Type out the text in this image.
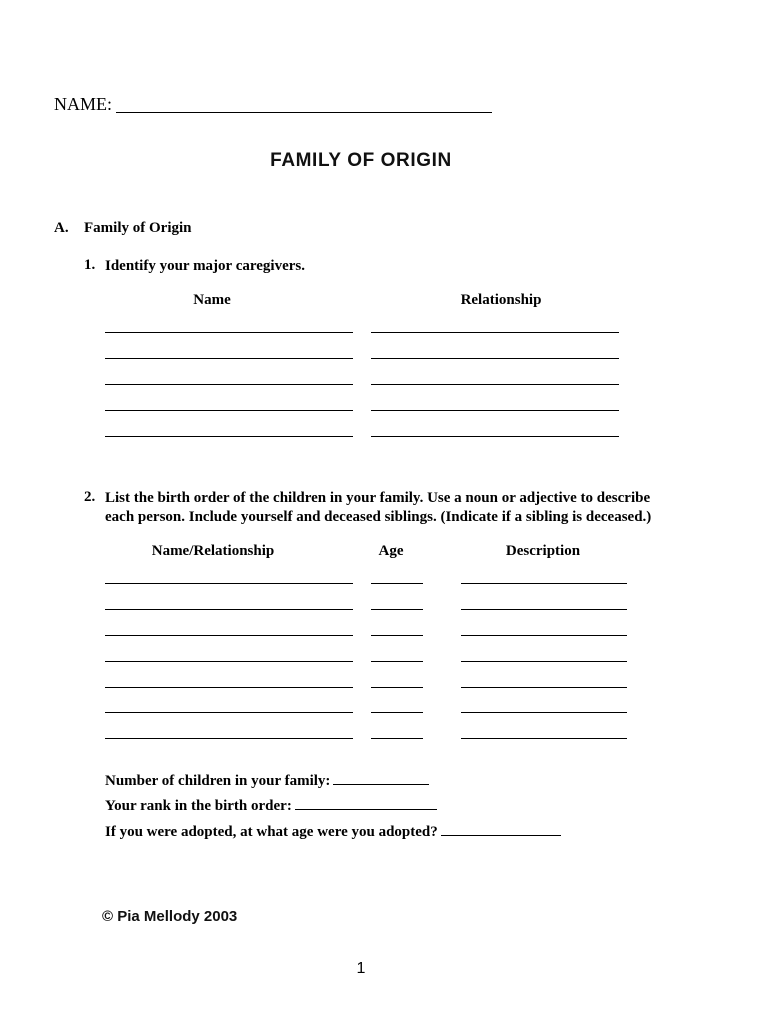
NAME:
FAMILY OF ORIGIN
A. Family of Origin
1. Identify your major caregivers.
Name	Relationship
2. List the birth order of the children in your family. Use a noun or adjective to describe
each person. Include yourself and deceased siblings. (Indicate if a sibling is deceased.)
Name/Relationship	Age	Description
Number of children in your family:
Your rank in the birth order:
If you were adopted, at what age were you adopted?
© Pia Mellody 2003
1
